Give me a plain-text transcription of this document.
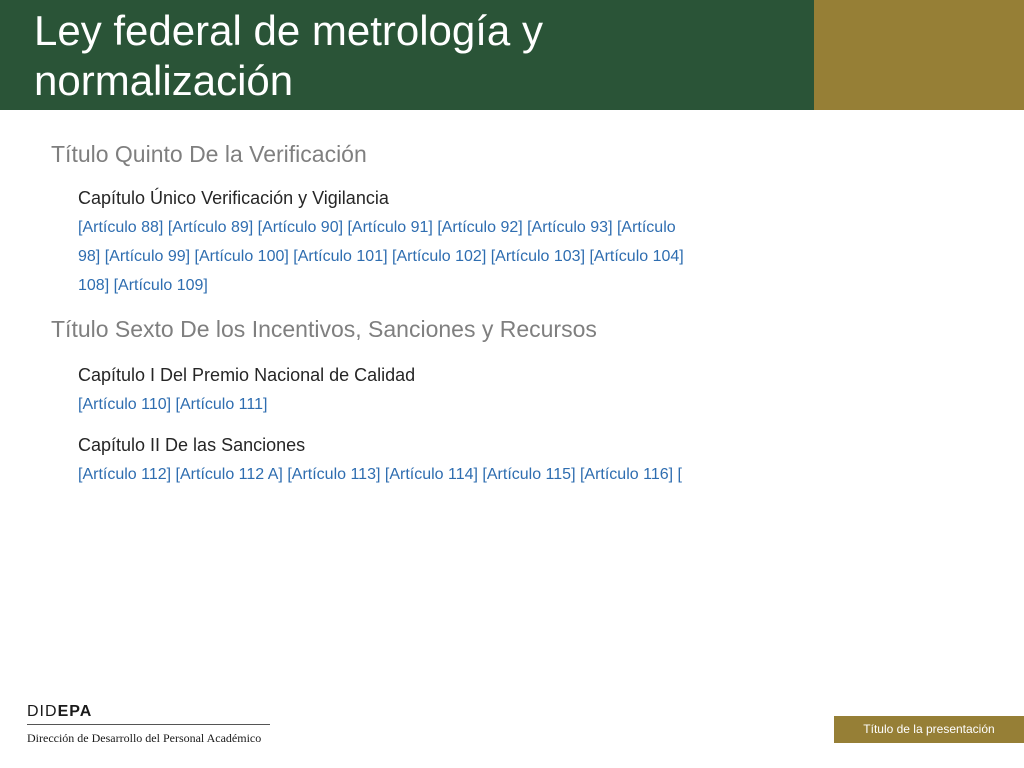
Ley federal de metrología y
normalización
Título Quinto De la Verificación
Capítulo Único Verificación y Vigilancia
[Artículo 88] [Artículo 89] [Artículo 90] [Artículo 91] [Artículo 92] [Artículo 93] [Artículo
98] [Artículo 99] [Artículo 100] [Artículo 101] [Artículo 102] [Artículo 103] [Artículo 104]
108] [Artículo 109]
Título Sexto De los Incentivos, Sanciones y Recursos
Capítulo I Del Premio Nacional de Calidad
[Artículo 110] [Artículo 111]
Capítulo II De las Sanciones
[Artículo 112] [Artículo 112 A] [Artículo 113] [Artículo 114] [Artículo 115] [Artículo 116] [
DIDEPA
Dirección de Desarrollo del Personal Académico
Título de la presentación
